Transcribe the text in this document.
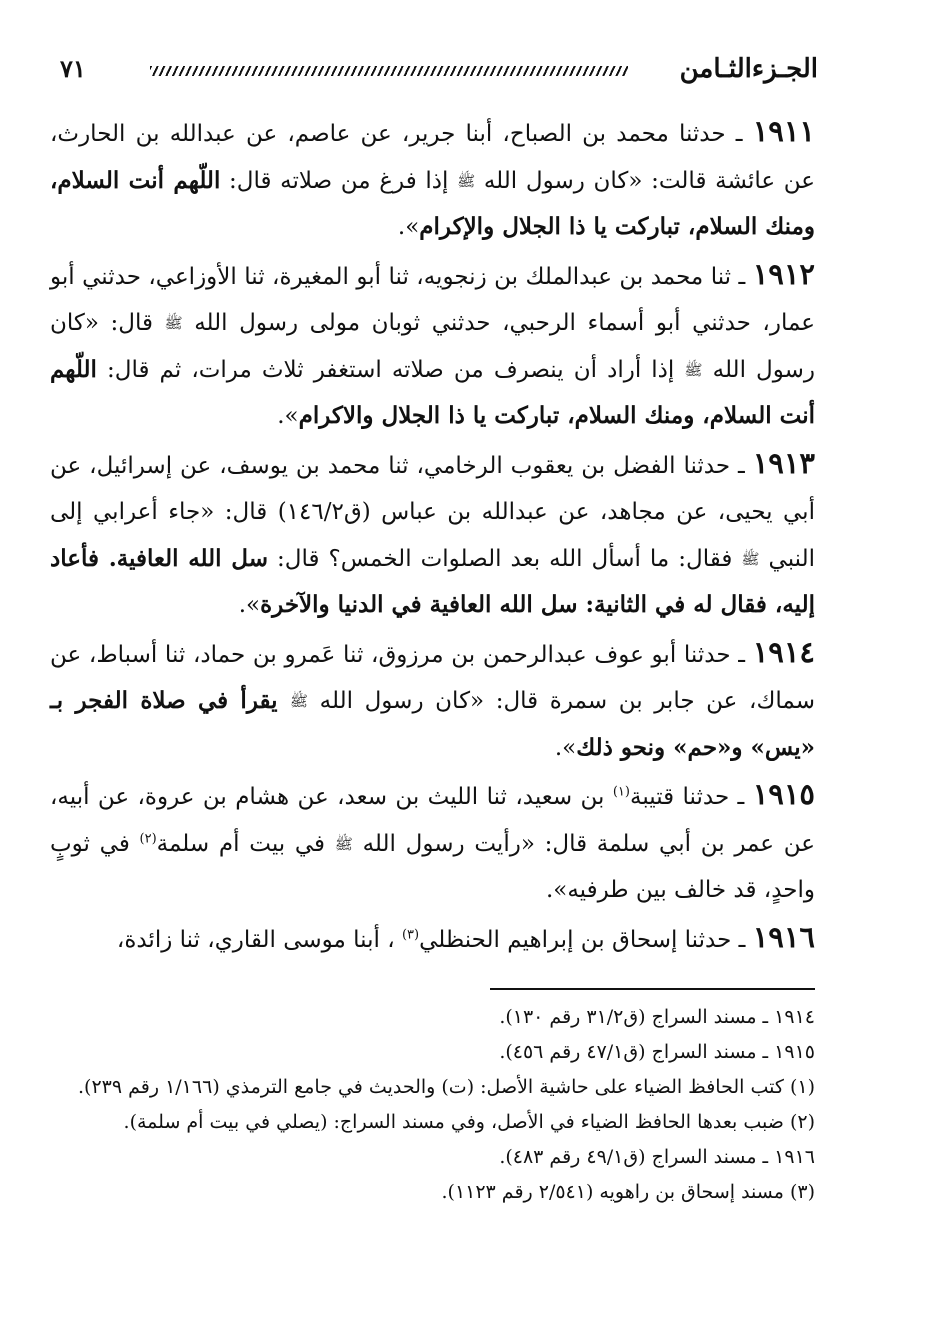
الجـزءالثـامن
٧١

١٩١١ ـ حدثنا محمد بن الصباح، أبنا جرير، عن عاصم، عن عبدالله بن الحارث، عن عائشة قالت: «كان رسول الله ﷺ إذا فرغ من صلاته قال: اللّهم أنت السلام، ومنك السلام، تباركت يا ذا الجلال والإكرام».

١٩١٢ ـ ثنا محمد بن عبدالملك بن زنجويه، ثنا أبو المغيرة، ثنا الأوزاعي، حدثني أبو عمار، حدثني أبو أسماء الرحبي، حدثني ثوبان مولى رسول الله ﷺ قال: «كان رسول الله ﷺ إذا أراد أن ينصرف من صلاته استغفر ثلاث مرات، ثم قال: اللّهم أنت السلام، ومنك السلام، تباركت يا ذا الجلال والاكرام».

١٩١٣ ـ حدثنا الفضل بن يعقوب الرخامي، ثنا محمد بن يوسف، عن إسرائيل، عن أبي يحيى، عن مجاهد، عن عبدالله بن عباس (ق١٤٦/٢) قال: «جاء أعرابي إلى النبي ﷺ فقال: ما أسأل الله بعد الصلوات الخمس؟ قال: سل الله العافية. فأعاد إليه، فقال له في الثانية: سل الله العافية في الدنيا والآخرة».

١٩١٤ ـ حدثنا أبو عوف عبدالرحمن بن مرزوق، ثنا عَمرو بن حماد، ثنا أسباط، عن سماك، عن جابر بن سمرة قال: «كان رسول الله ﷺ يقرأ في صلاة الفجر بـ «يس» و«حم» ونحو ذلك».

١٩١٥ ـ حدثنا قتيبة$^{(١)}$ بن سعيد، ثنا الليث بن سعد، عن هشام بن عروة، عن أبيه، عن عمر بن أبي سلمة قال: «رأيت رسول الله ﷺ في بيت أم سلمة$^{(٢)}$ في ثوبٍ واحدٍ، قد خالف بين طرفيه».

١٩١٦ ـ حدثنا إسحاق بن إبراهيم الحنظلي$^{(٣)}$ ، أبنا موسى القاري، ثنا زائدة،

١٩١٤ ـ مسند السراج (ق٣١/٢ رقم ١٣٠).

١٩١٥ ـ مسند السراج (ق٤٧/١ رقم ٤٥٦).

(١) كتب الحافظ الضياء على حاشية الأصل: (ت) والحديث في جامع الترمذي (١/١٦٦ رقم ٢٣٩).

(٢) ضبب بعدها الحافظ الضياء في الأصل، وفي مسند السراج: (يصلي في بيت أم سلمة).

١٩١٦ ـ مسند السراج (ق٤٩/١ رقم ٤٨٣).

(٣) مسند إسحاق بن راهويه (٢/٥٤١ رقم ١١٢٣).
